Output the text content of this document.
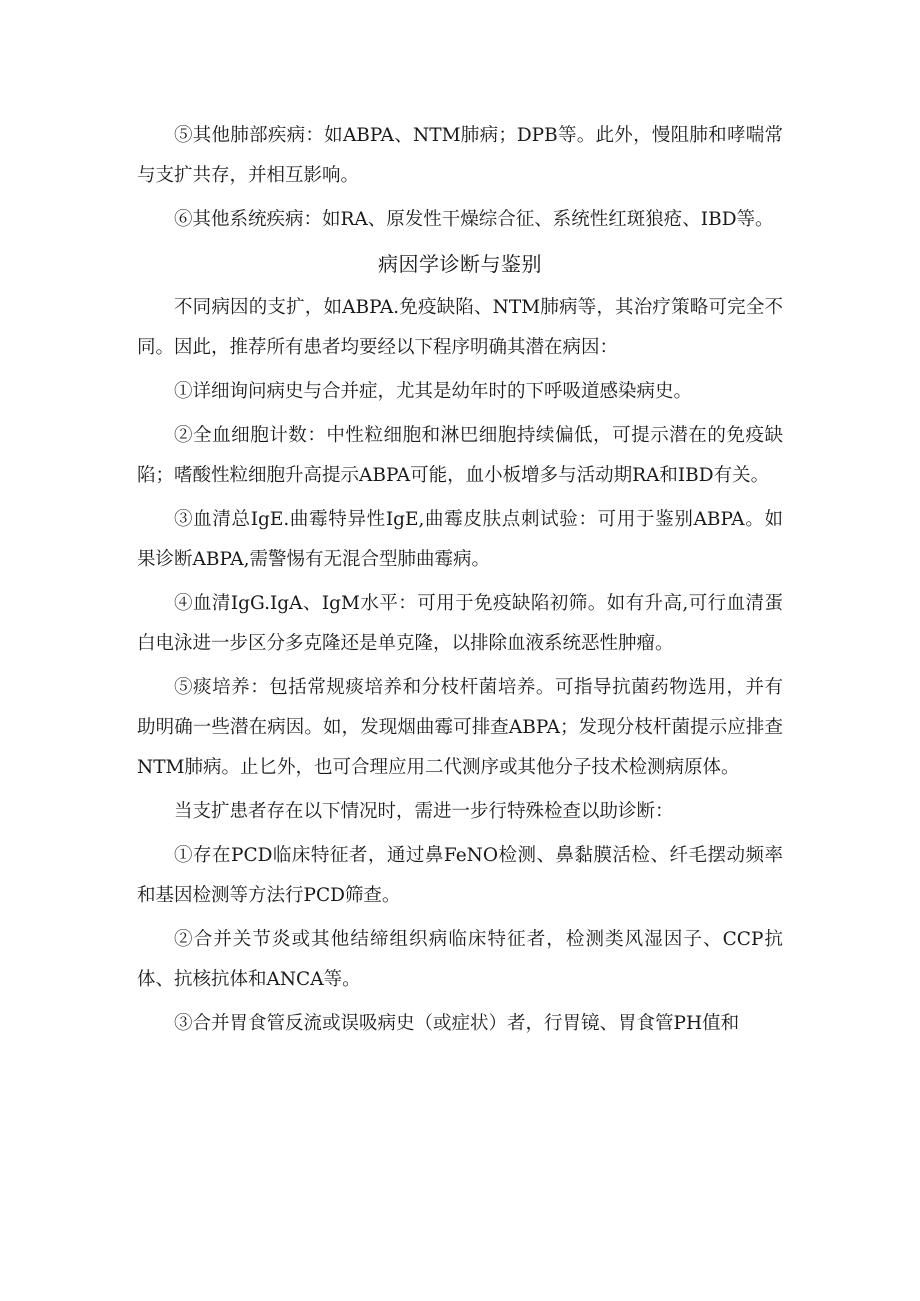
⑤其他肺部疾病：如ABPA、NTM肺病；DPB等。此外，慢阻肺和哮喘常与支扩共存，并相互影响。

⑥其他系统疾病：如RA、原发性干燥综合征、系统性红斑狼疮、IBD等。

病因学诊断与鉴别

不同病因的支扩，如ABPA.免疫缺陷、NTM肺病等，其治疗策略可完全不同。因此，推荐所有患者均要经以下程序明确其潜在病因：

①详细询问病史与合并症，尤其是幼年时的下呼吸道感染病史。

②全血细胞计数：中性粒细胞和淋巴细胞持续偏低，可提示潜在的免疫缺陷；嗜酸性粒细胞升高提示ABPA可能，血小板增多与活动期RA和IBD有关。

③血清总IgE.曲霉特异性IgE,曲霉皮肤点刺试验：可用于鉴别ABPA。如果诊断ABPA,需警惕有无混合型肺曲霉病。

④血清IgG.IgA、IgM水平：可用于免疫缺陷初筛。如有升高,可行血清蛋白电泳进一步区分多克隆还是单克隆，以排除血液系统恶性肿瘤。

⑤痰培养：包括常规痰培养和分枝杆菌培养。可指导抗菌药物选用，并有助明确一些潜在病因。如，发现烟曲霉可排查ABPA；发现分枝杆菌提示应排查NTM肺病。止匕外，也可合理应用二代测序或其他分子技术检测病原体。

当支扩患者存在以下情况时，需进一步行特殊检查以助诊断：

①存在PCD临床特征者，通过鼻FeNO检测、鼻黏膜活检、纤毛摆动频率和基因检测等方法行PCD筛查。

②合并关节炎或其他结缔组织病临床特征者，检测类风湿因子、CCP抗体、抗核抗体和ANCA等。

③合并胃食管反流或误吸病史（或症状）者，行胃镜、胃食管PH值和
